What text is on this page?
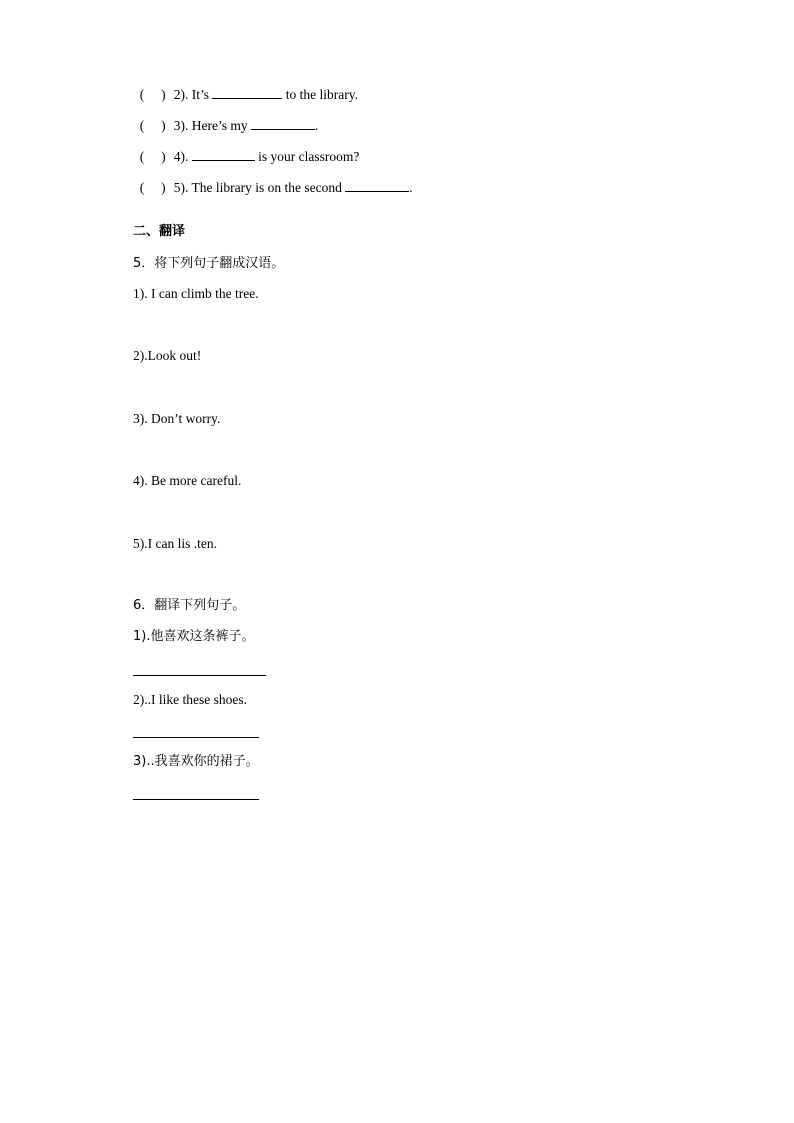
( ) 2). It’s	to the library.

( ) 3). Here’s my	.

( ) 4).	is your classroom?

( ) 5). The library is on the second	.

二、翻译
5．将下列句子翻成汉语。
1). I can climb the tree.
2).Look out!
3). Don’t worry.
4). Be more careful.
5).I can lis .ten.
6．翻译下列句子。
1).他喜欢这条裤子。
2)..I like these shoes.
3)..我喜欢你的裙子。
